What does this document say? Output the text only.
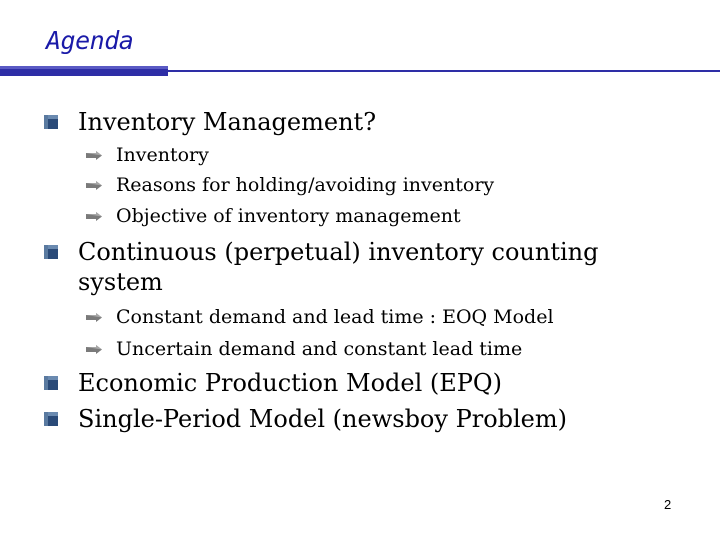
Agenda
Inventory Management?
Inventory
Reasons for holding/avoiding inventory
Objective of inventory management
Continuous (perpetual) inventory counting
system
Constant demand and lead time : EOQ Model
Uncertain demand and constant lead time
Economic Production Model (EPQ)
Single-Period Model (newsboy Problem)
2
